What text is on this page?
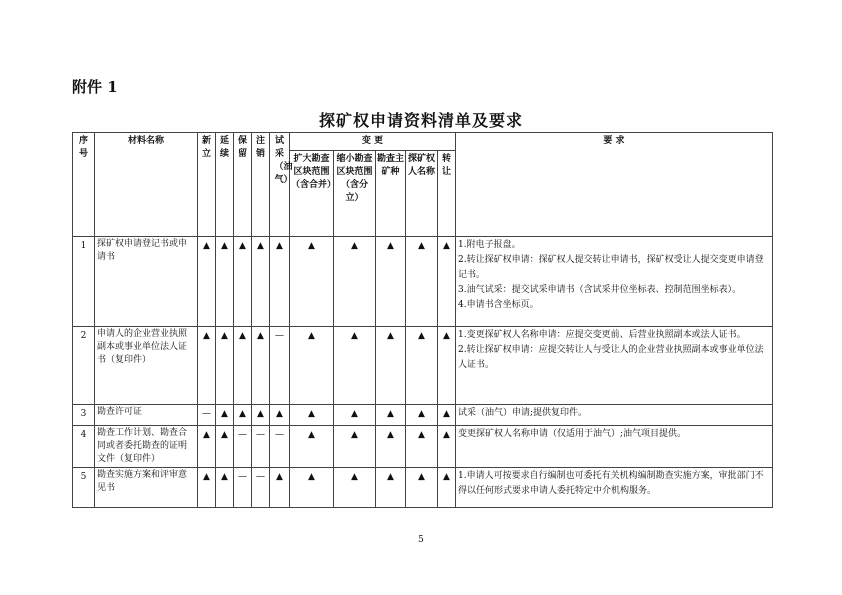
附件 1
探矿权申请资料清单及要求
序号	材料名称	新立	延续	保留	注销	试采（油气）	变 更					要 求
							扩大勘查区块范围（含合并）	缩小勘查区块范围（含分立）	勘查主矿种	探矿权人名称	转让	
1	探矿权申请登记书或申请书	▲	▲	▲	▲	▲	▲	▲	▲	▲	▲	1.附电子报盘。
2.转让探矿权申请：探矿权人提交转让申请书，探矿权受让人提交变更申请登记书。
3.油气试采：提交试采申请书（含试采井位坐标表、控制范围坐标表）。
4.申请书含坐标页。

2	申请人的企业营业执照副本或事业单位法人证书（复印件）	▲	▲	▲	▲	—	▲	▲	▲	▲	▲	1.变更探矿权人名称申请：应提交变更前、后营业执照副本或法人证书。
2.转让探矿权申请：应提交转让人与受让人的企业营业执照副本或事业单位法人证书。

3	勘查许可证	—	▲	▲	▲	▲	▲	▲	▲	▲	▲	试采（油气）申请;提供复印件。

4	勘查工作计划、勘查合同或者委托勘查的证明文件（复印件）	▲	▲	—	—	—	▲	▲	▲	▲	▲	变更探矿权人名称申请（仅适用于油气）;油气项目提供。

5	勘查实施方案和评审意见书	▲	▲	—	—	▲	▲	▲	▲	▲	▲	1.申请人可按要求自行编制也可委托有关机构编制勘查实施方案，审批部门不得以任何形式要求申请人委托特定中介机构服务。
5
